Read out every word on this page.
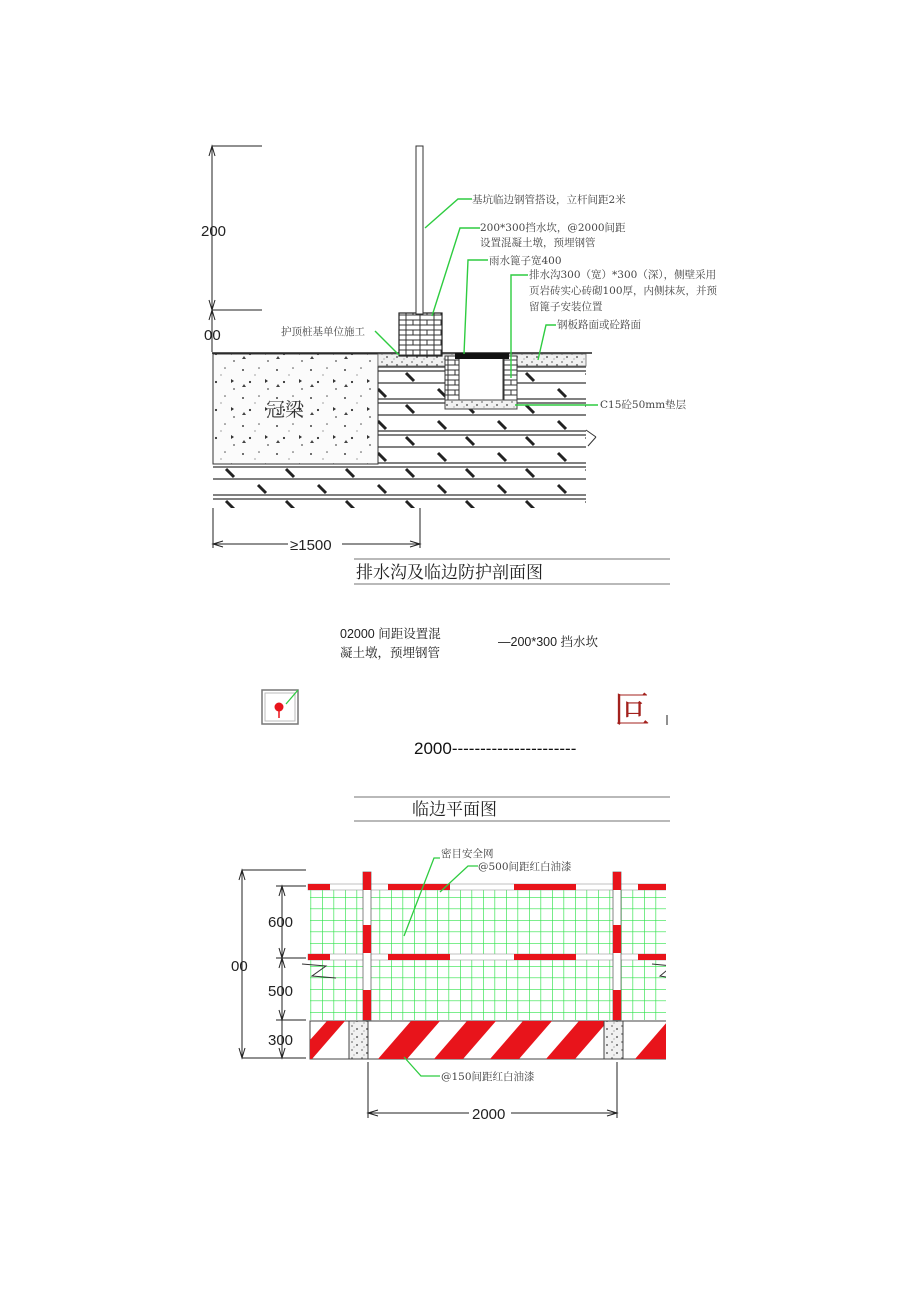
200
00
冠梁
≥1500
基坑临边钢管搭设，立杆间距2米
200*300挡水坎，@2000间距
设置混凝土墩，预埋钢管
雨水篦子宽400
排水沟300（宽）*300（深），侧壁采用
页岩砖实心砖砌100厚，内侧抹灰，并预
留篦子安装位置
钢板路面或砼路面
C15砼50mm垫层
护顶桩基单位施工
排水沟及临边防护剖面图
02000 间距设置混
凝土墩，预埋钢管
—200*300 挡水坎
叵
2000----------------------
临边平面图
00
600
500
300
密目安全网
@500间距红白油漆
@150间距红白油漆
2000
